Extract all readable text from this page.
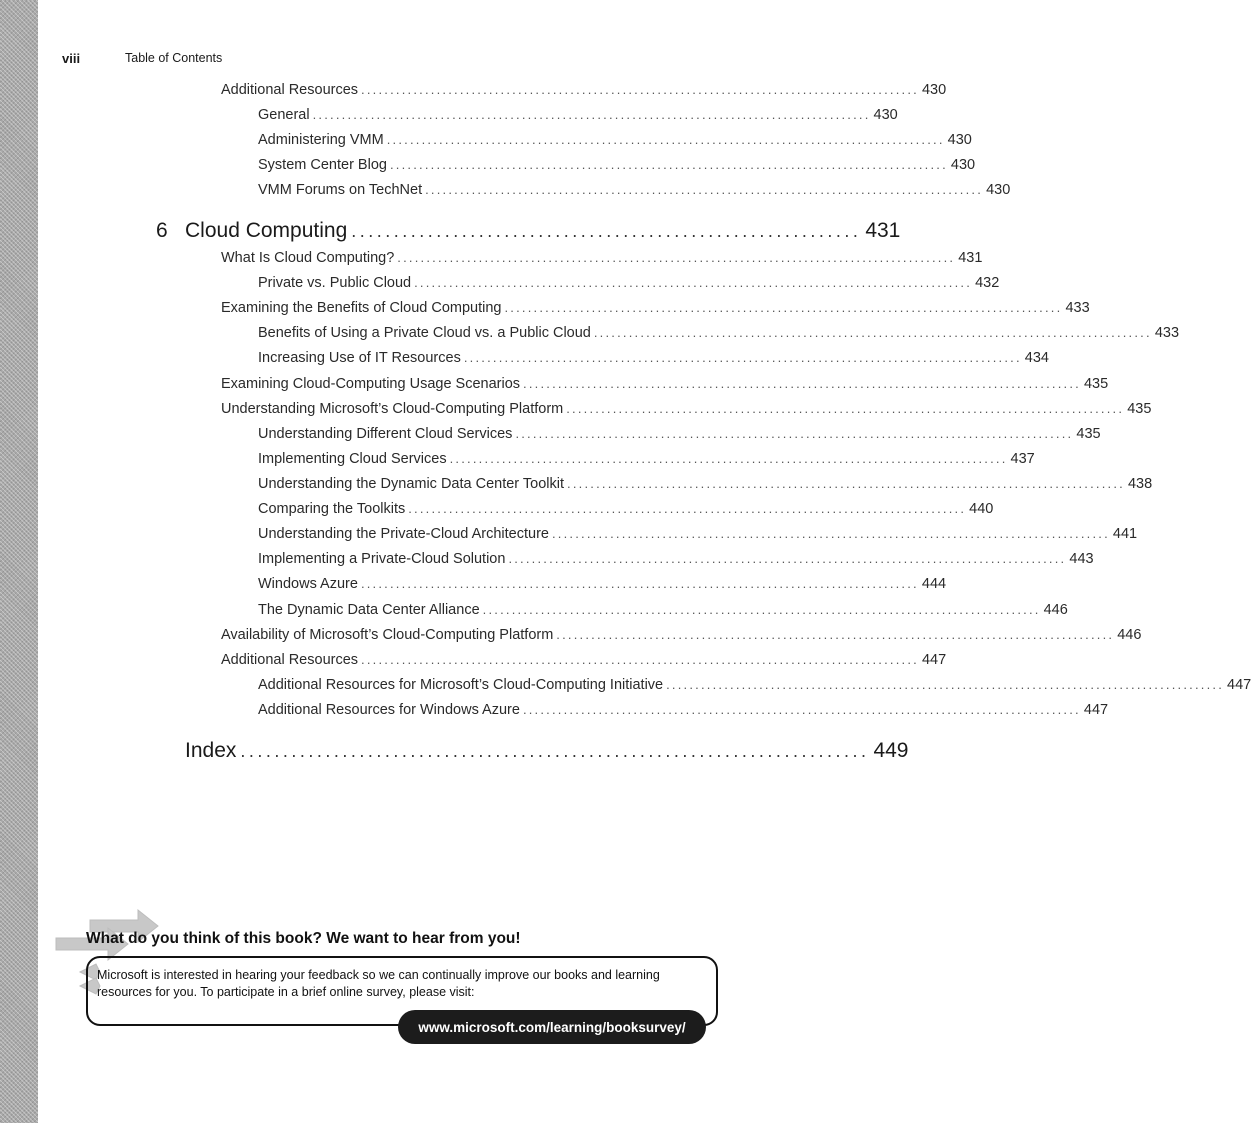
viii	Table of Contents
Additional Resources ................................................................................................ 430
General ................................................................................................ 430
Administering VMM ................................................................................................ 430
System Center Blog ................................................................................................ 430
VMM Forums on TechNet ................................................................................................ 430
6 Cloud Computing ............................................................ 431
What Is Cloud Computing? ................................................................................................ 431
Private vs. Public Cloud ................................................................................................ 432
Examining the Benefits of Cloud Computing ................................................................................................ 433
Benefits of Using a Private Cloud vs. a Public Cloud ................................................................................................ 433
Increasing Use of IT Resources ................................................................................................ 434
Examining Cloud-Computing Usage Scenarios ................................................................................................ 435
Understanding Microsoft’s Cloud-Computing Platform ................................................................................................ 435
Understanding Different Cloud Services ................................................................................................ 435
Implementing Cloud Services ................................................................................................ 437
Understanding the Dynamic Data Center Toolkit ................................................................................................ 438
Comparing the Toolkits ................................................................................................ 440
Understanding the Private-Cloud Architecture ................................................................................................ 441
Implementing a Private-Cloud Solution ................................................................................................ 443
Windows Azure ................................................................................................ 444
The Dynamic Data Center Alliance ................................................................................................ 446
Availability of Microsoft’s Cloud-Computing Platform ................................................................................................ 446
Additional Resources ................................................................................................ 447
Additional Resources for Microsoft’s Cloud-Computing Initiative ................................................................................................ 447
Additional Resources for Windows Azure ................................................................................................ 447
Index .......................................................................... 449
What do you think of this book? We want to hear from you!
Microsoft is interested in hearing your feedback so we can continually improve our books and learning resources for you. To participate in a brief online survey, please visit:
www.microsoft.com/learning/booksurvey/
